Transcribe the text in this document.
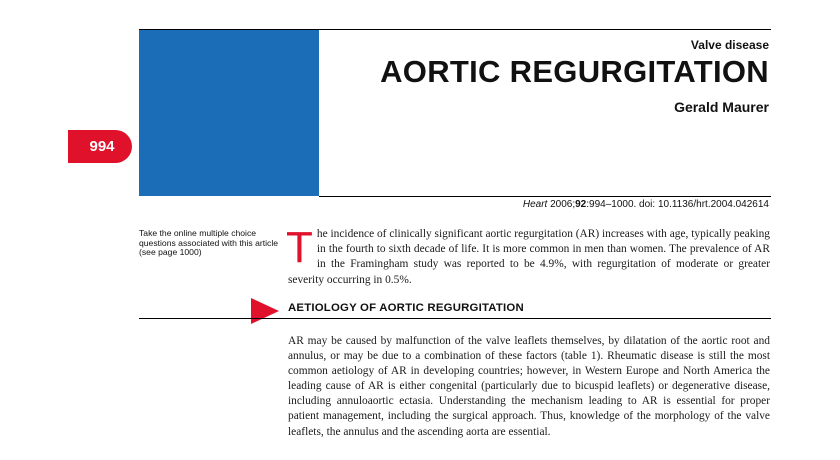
994
Valve disease
AORTIC REGURGITATION
Gerald Maurer
Heart 2006;92:994–1000. doi: 10.1136/hrt.2004.042614
Take the online multiple choice questions associated with this article (see page 1000)	The incidence of clinically significant aortic regurgitation (AR) increases with age, typically peaking in the fourth to sixth decade of life. It is more common in men than women. The prevalence of AR in the Framingham study was reported to be 4.9%, with regurgitation of moderate or greater severity occurring in 0.5%.
AETIOLOGY OF AORTIC REGURGITATION
AR may be caused by malfunction of the valve leaflets themselves, by dilatation of the aortic root and annulus, or may be due to a combination of these factors (table 1). Rheumatic disease is still the most common aetiology of AR in developing countries; however, in Western Europe and North America the leading cause of AR is either congenital (particularly due to bicuspid leaflets) or degenerative disease, including annuloaortic ectasia. Understanding the mechanism leading to AR is essential for proper patient management, including the surgical approach. Thus, knowledge of the morphology of the valve leaflets, the annulus and the ascending aorta are essential.
